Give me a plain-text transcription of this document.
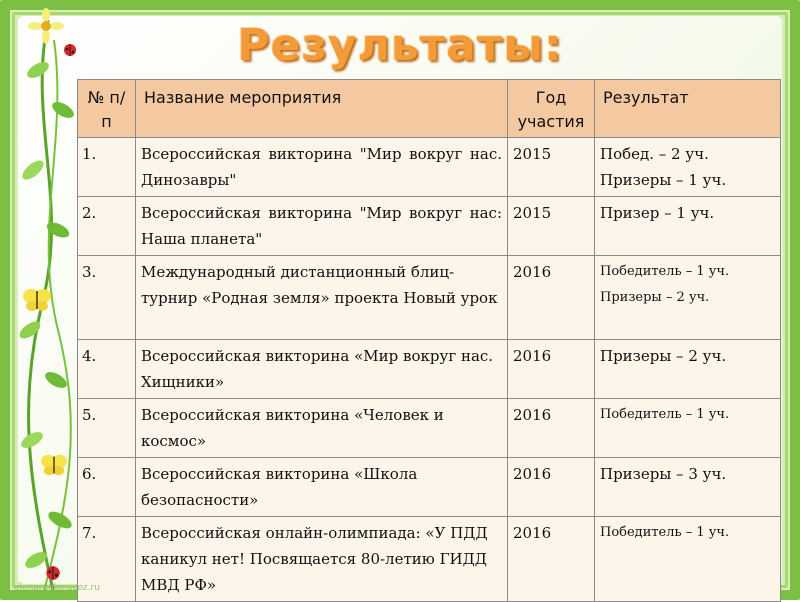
Результаты:
№ п/п	Название мероприятия	Год участия	Результат
1.	Всероссийская викторина "Мир вокруг нас. Динозавры"	2015	Побед. – 2 уч.
Призеры – 1 уч.

2.	Всероссийская викторина "Мир вокруг нас: Наша планета"	2015	Призер – 1 уч.

3.	Международный дистанционный блиц-турнир «Родная земля» проекта Новый урок	2016	Победитель – 1 уч.
Призеры – 2 уч.

4.	Всероссийская викторина «Мир вокруг нас. Хищники»	2016	Призеры – 2 уч.

5.	Всероссийская викторина «Человек и космос»	2016	Победитель – 1 уч.

6.	Всероссийская викторина «Школа безопасности»	2016	Призеры – 3 уч.

7.	Всероссийская онлайн-олимпиада: «У ПДД каникул нет! Посвящается 80-летию ГИДД МВД РФ»	2016	Победитель – 1 уч.
elenaranko.ucoz.ru
